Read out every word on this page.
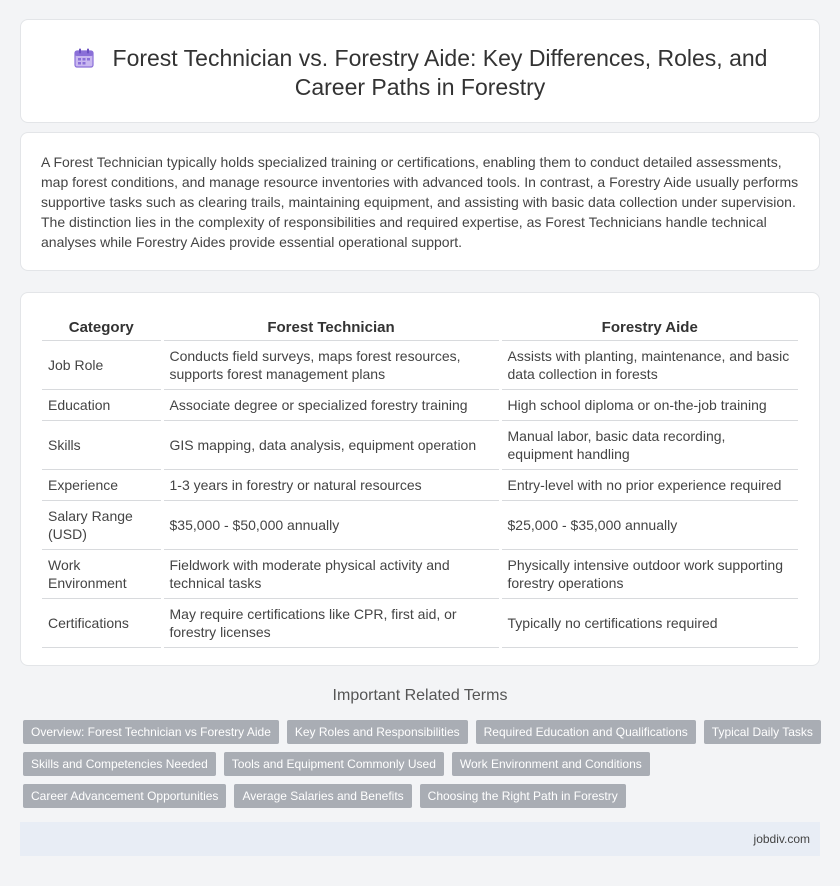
Forest Technician vs. Forestry Aide: Key Differences, Roles, and Career Paths in Forestry

A Forest Technician typically holds specialized training or certifications, enabling them to conduct detailed assessments, map forest conditions, and manage resource inventories with advanced tools. In contrast, a Forestry Aide usually performs supportive tasks such as clearing trails, maintaining equipment, and assisting with basic data collection under supervision. The distinction lies in the complexity of responsibilities and required expertise, as Forest Technicians handle technical analyses while Forestry Aides provide essential operational support.

Category	Forest Technician	Forestry Aide
Job Role	Conducts field surveys, maps forest resources, supports forest management plans	Assists with planting, maintenance, and basic data collection in forests
Education	Associate degree or specialized forestry training	High school diploma or on-the-job training
Skills	GIS mapping, data analysis, equipment operation	Manual labor, basic data recording, equipment handling
Experience	1-3 years in forestry or natural resources	Entry-level with no prior experience required
Salary Range (USD)	$35,000 - $50,000 annually	$25,000 - $35,000 annually
Work Environment	Fieldwork with moderate physical activity and technical tasks	Physically intensive outdoor work supporting forestry operations
Certifications	May require certifications like CPR, first aid, or forestry licenses	Typically no certifications required
Important Related Terms
Overview: Forest Technician vs Forestry Aide	Key Roles and Responsibilities	Required Education and Qualifications	Typical Daily Tasks
Skills and Competencies Needed	Tools and Equipment Commonly Used	Work Environment and Conditions
Career Advancement Opportunities	Average Salaries and Benefits	Choosing the Right Path in Forestry
jobdiv.com
